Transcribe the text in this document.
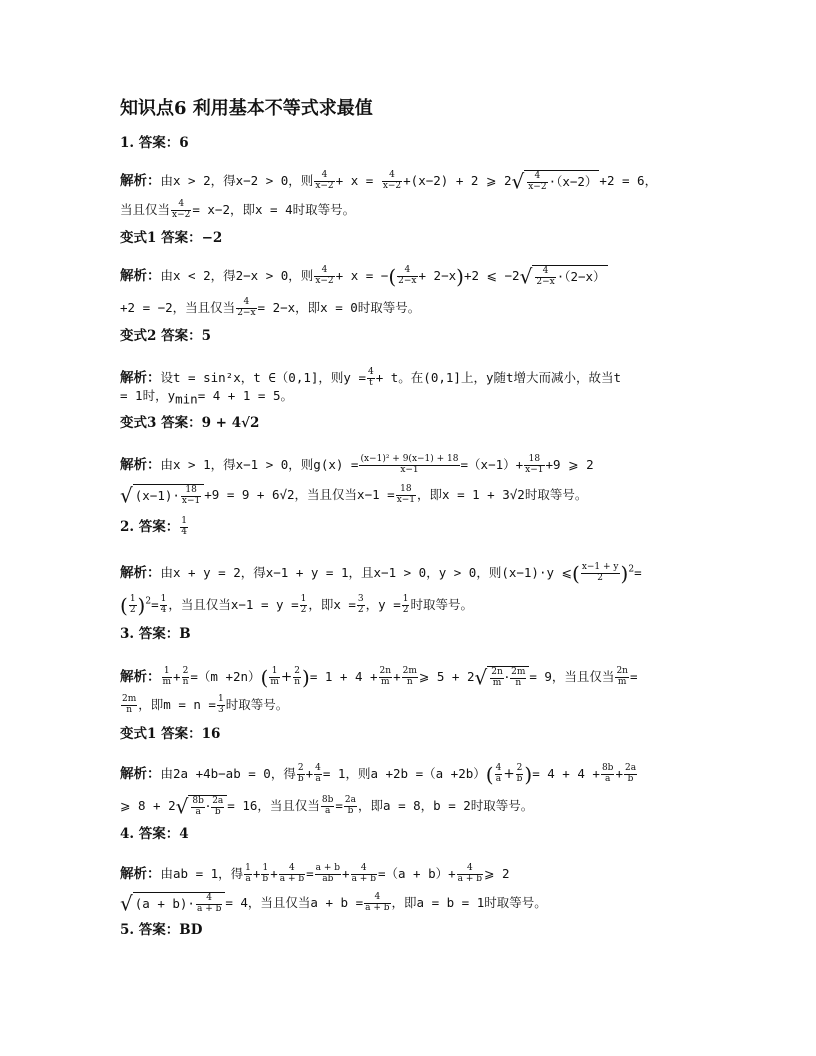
知识点6 利用基本不等式求最值
1. 答案：6
解析：由x > 2，得x−2 > 0，则 $\frac{4}{x-2} + x = \frac{4}{x-2} +(x-2) + 2$ ⩾ $2√ \frac{4}{x-2} \cdot(x-2) +2 = 6$，
当且仅当 $\frac{4}{x-2} = x-2$，即x = 4时取等号。
变式1 答案：−2
解析：由x < 2，得2−x > 0，则 $\frac{4}{x-2} + x$ = −( $\frac{4}{2-x} + 2-x)+2$ ⩽ $-2√ \frac{4}{2-x} \cdot(2-x)$
+2 = −2，当且仅当 $\frac{4}{2-x} = 2-x$，即x = 0时取等号。
变式2 答案：5
解析：设t = sin²x，t ∈（0,1]，则$y = \frac{4}{t} + t$。在(0,1]上，y随t增大而减小，故当t
= 1时，$y_{min}= 4 + 1 = 5$。
变式3 答案：9 + 4√2
解析：由x > 1，得x−1 > 0，则$g(x) = \frac{\text{(x−1)² + 9(x−1) + 18}}{x-1} =(x-1)+ \frac{18}{x-1} +9$ ⩾ 2
√ $(x-1)\cdot \frac{18}{x-1} +9 = 9 + 6√2$，当且仅当$x-1 = \frac{18}{x-1}$ ，即x = 1 + 3√2时取等号。
2. 答案： $\frac{1}{4}$
解析：由x + y = 2，得x−1 + y = 1，且x−1 > 0，y > 0，则(x−1)·y ⩽( $\frac{x-1 + y}{2} )^2=$
( $\frac{1}{2} )^2= \frac{1}{4}$ ，当且仅当$x-1 = y = \frac{1}{2}$ ，即$x = \frac{3}{2}$ ，$y = \frac{1}{2}$ 时取等号。
3. 答案：B
解析： $\frac{1}{m} + \frac{2}{n} =(m +2n)( \frac{1}{m} + \frac{2}{n}$ )= $1 + 4 + \frac{2n}{m} + \frac{2m}{n}$ ⩾ $5 + 2√ \frac{2n}{m} \cdot \frac{2m}{n} = 9$，当且仅当 $\frac{2n}{m}$ =
$\frac{2m}{n}$ ，即$m = n = \frac{1}{3}$ 时取等号。
变式1 答案：16
解析：由2a +4b−ab = 0，得 $\frac{2}{b} + \frac{4}{a} = 1$，则$a +2b =(a +2b)( \frac{4}{a} + \frac{2}{b}$ )= $4 + 4 + \frac{8b}{a} + \frac{2a}{b}$
⩾ $8 + 2√ \frac{8b}{a} \cdot \frac{2a}{b} = 16$，当且仅当 $\frac{8b}{a} = \frac{2a}{b}$ ，即a = 8，b = 2时取等号。
4. 答案：4
解析：由ab = 1，得 $\frac{1}{a} + \frac{1}{b} + \frac{4}{a + b} = \frac{a + b}{ab} + \frac{4}{a + b} =(a + b)+ \frac{4}{a + b}$ ⩾ 2
√ $(a + b)\cdot \frac{4}{a + b} = 4$，当且仅当$a + b = \frac{4}{a + b}$ ，即a = b = 1时取等号。
5. 答案：BD
